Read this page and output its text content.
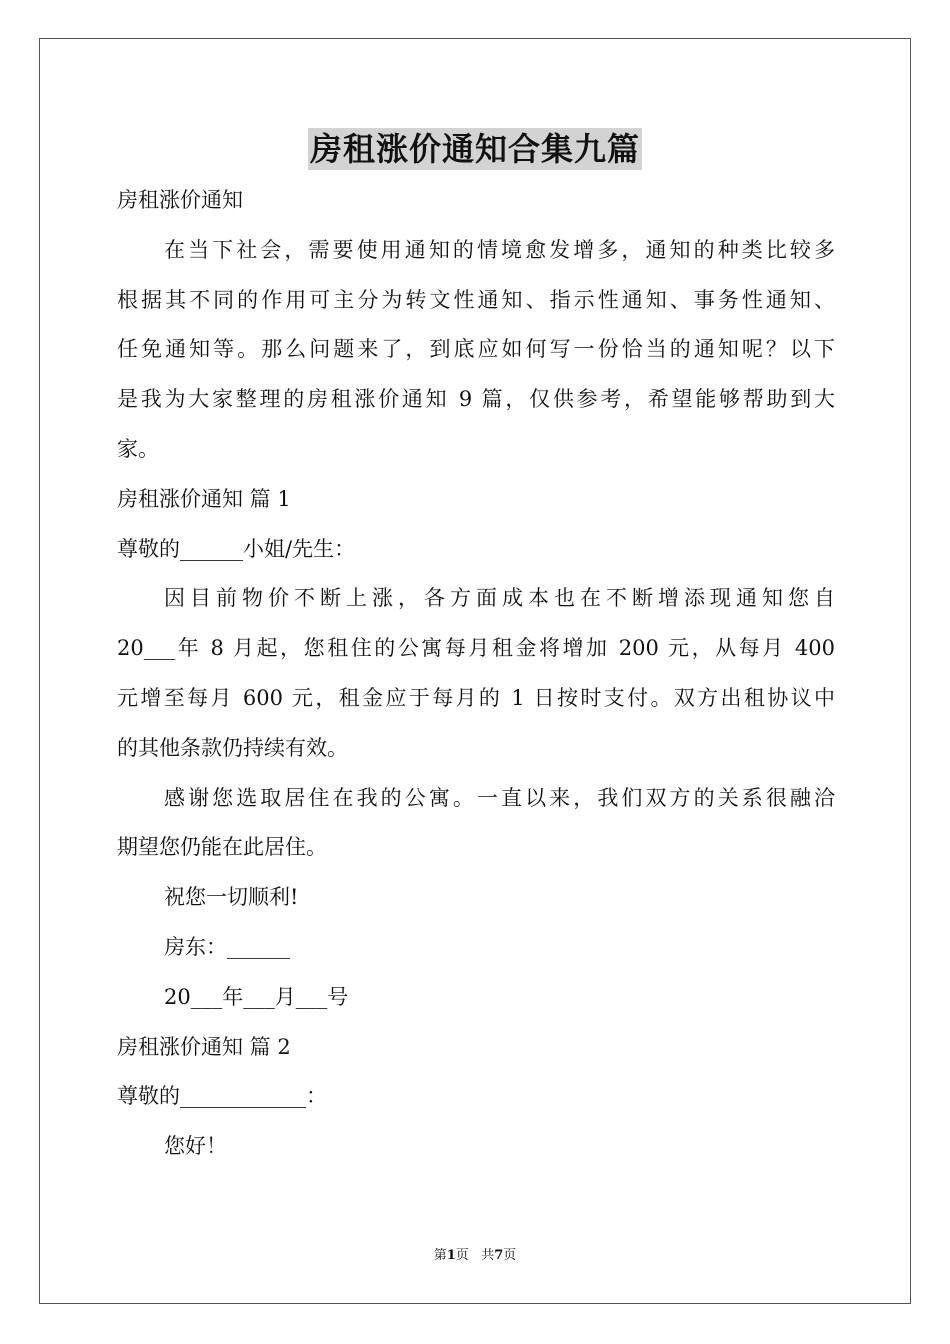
房租涨价通知合集九篇
房租涨价通知
在当下社会，需要使用通知的情境愈发增多，通知的种类比较多
根据其不同的作用可主分为转文性通知、指示性通知、事务性通知、
任免通知等。那么问题来了，到底应如何写一份恰当的通知呢？以下
是我为大家整理的房租涨价通知 9 篇，仅供参考，希望能够帮助到大
家。
房租涨价通知 篇 1
尊敬的______小姐/先生：
因目前物价不断上涨，各方面成本也在不断增添现通知您自
20___年 8 月起，您租住的公寓每月租金将增加 200 元，从每月 400
元增至每月 600 元，租金应于每月的 1 日按时支付。双方出租协议中
的其他条款仍持续有效。
感谢您选取居住在我的公寓。一直以来，我们双方的关系很融洽
期望您仍能在此居住。
祝您一切顺利!
房东：______
20___年___月___号
房租涨价通知 篇 2
尊敬的____________：
您好！
第1页   共7页
